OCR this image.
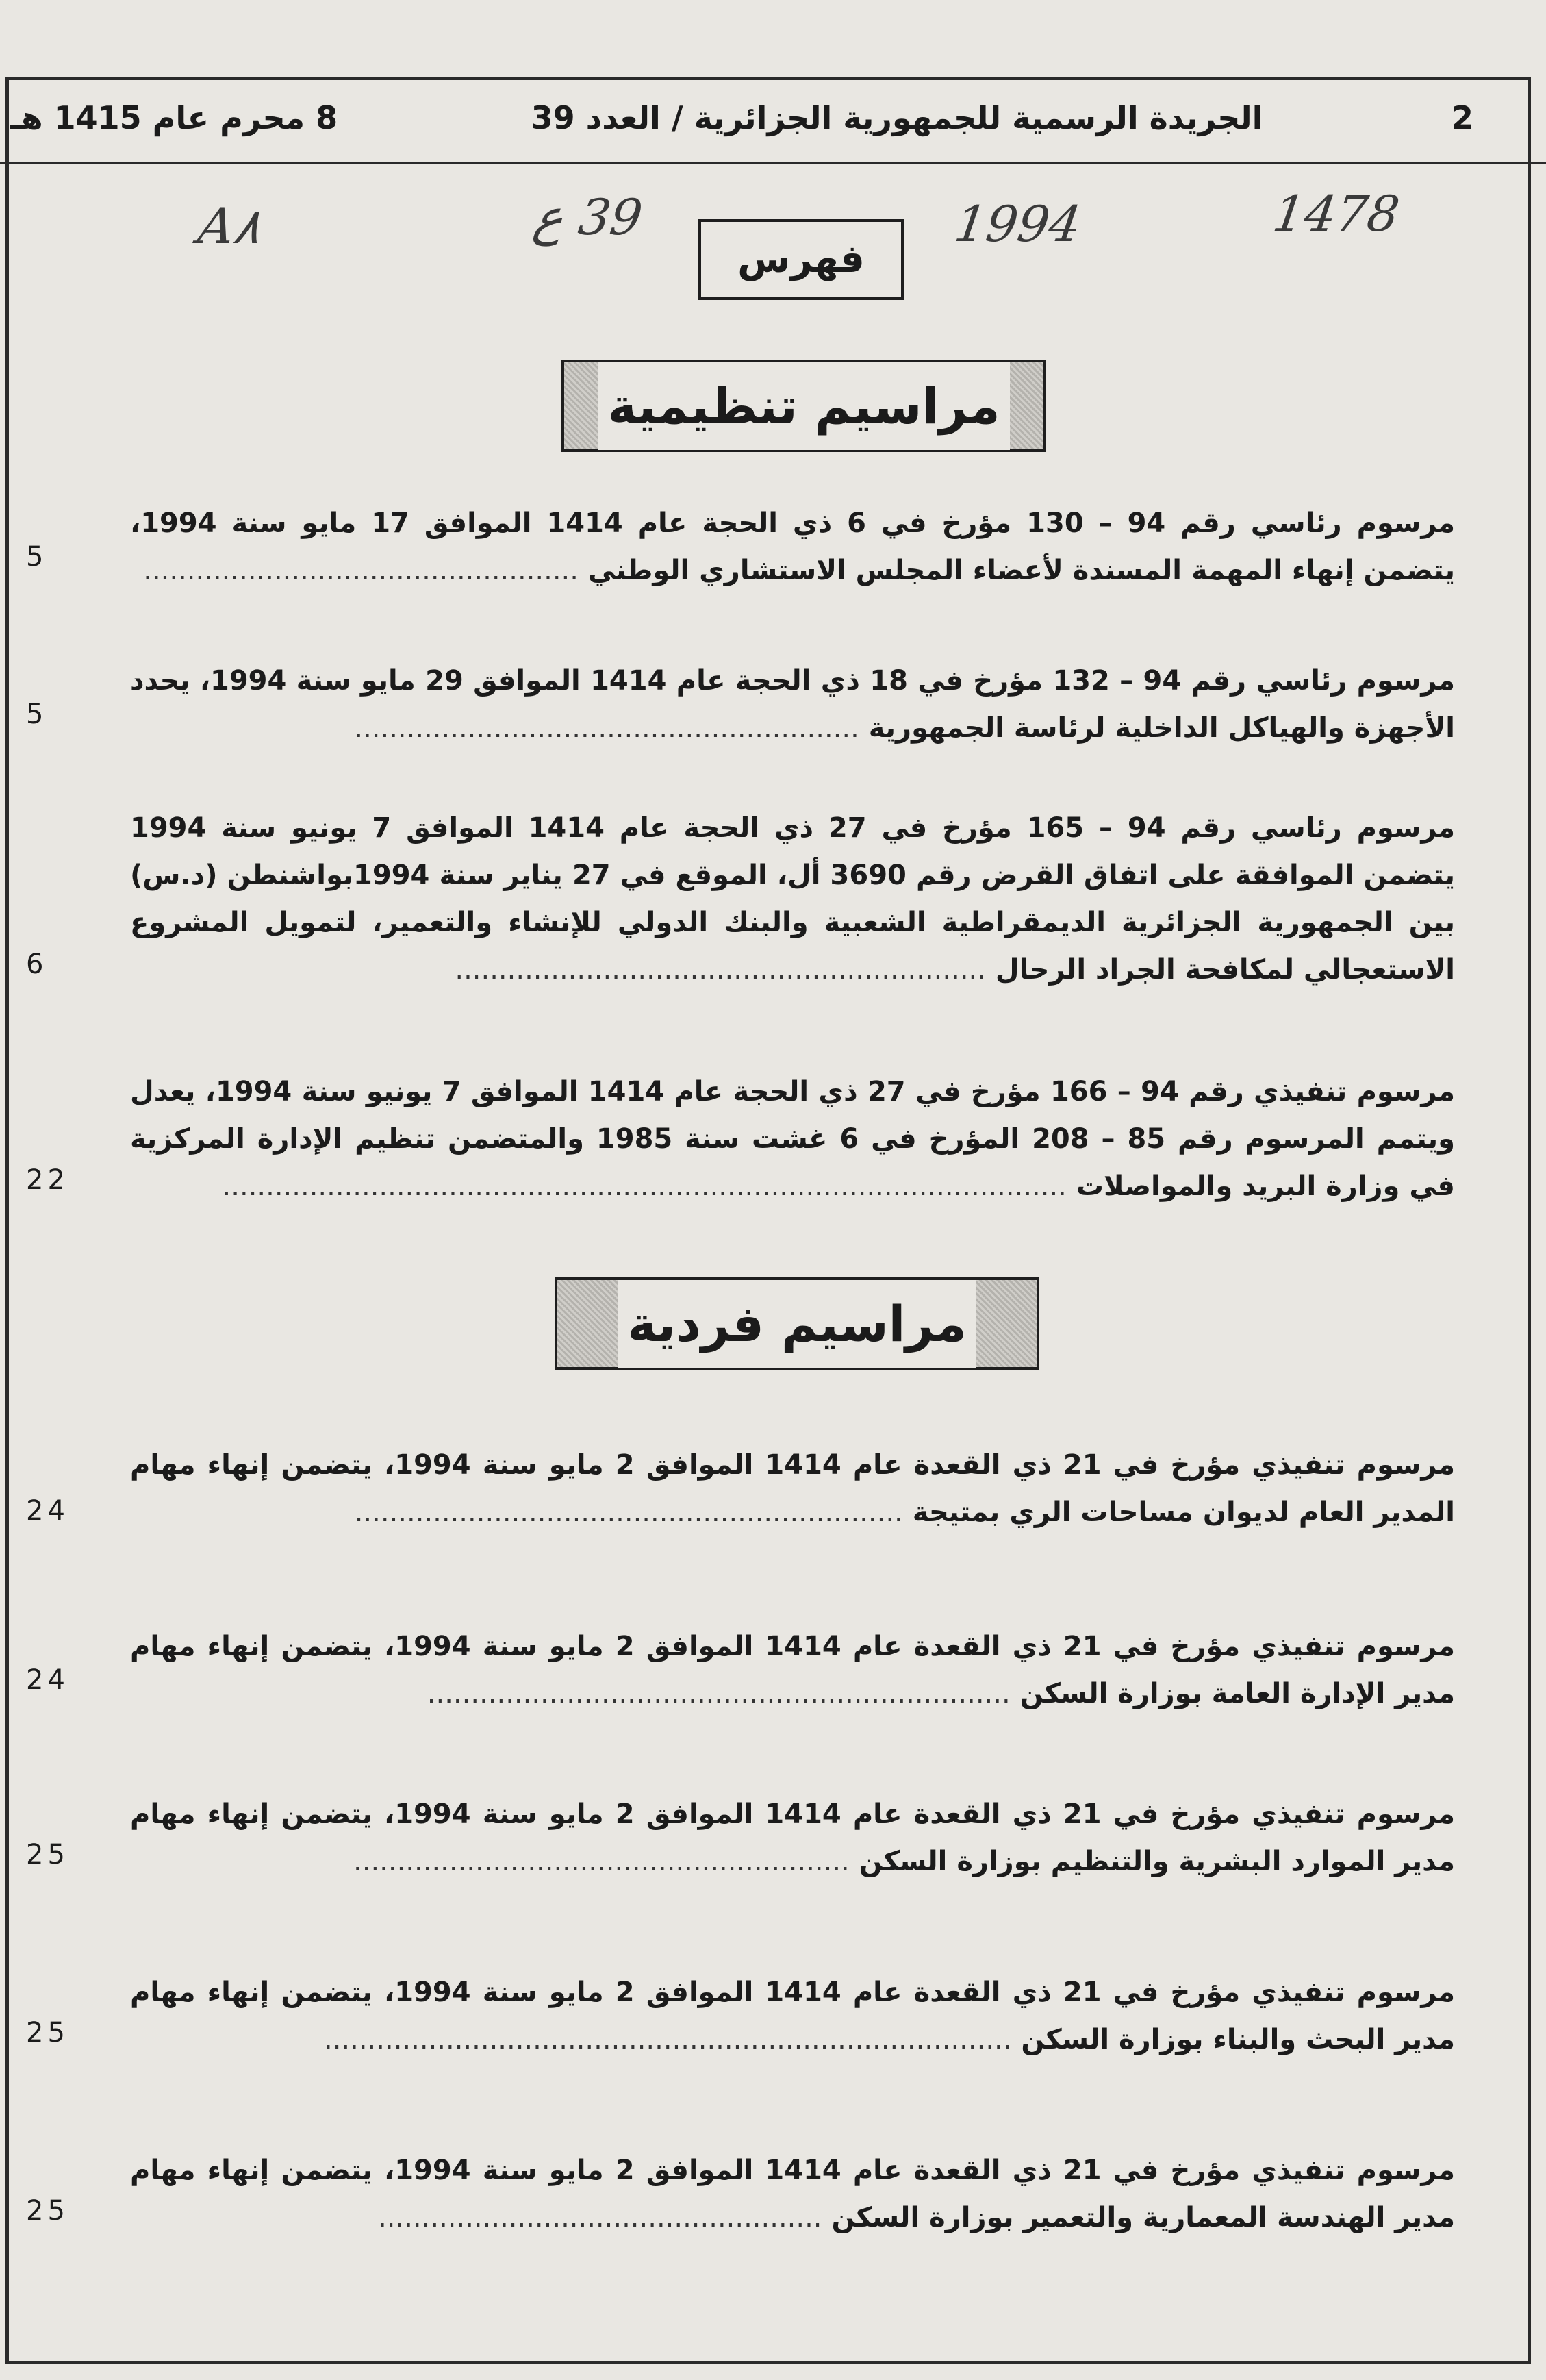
2
الجريدة الرسمية للجمهورية الجزائرية / العدد 39
8 محرم عام 1415 هـ
A٨	39 ع	1994	1478
فهرس
مراسيم تنظيمية
مرسوم رئاسي رقم 94 – 130 مؤرخ في 6 ذي الحجة عام 1414 الموافق 17 مايو سنة 1994، يتضمن إنهاء المهمة المسندة لأعضاء المجلس الاستشاري الوطني ..................................................
5
مرسوم رئاسي رقم 94 – 132 مؤرخ في 18 ذي الحجة عام 1414 الموافق 29 مايو سنة 1994، يحدد الأجهزة والهياكل الداخلية لرئاسة الجمهورية ..........................................................
5
مرسوم رئاسي رقم 94 – 165 مؤرخ في 27 ذي الحجة عام 1414 الموافق 7 يونيو سنة 1994 يتضمن الموافقة على اتفاق القرض رقم 3690 أل، الموقع في 27 يناير سنة 1994بواشنطن (د.س) بين الجمهورية الجزائرية الديمقراطية الشعبية والبنك الدولي للإنشاء والتعمير، لتمويل المشروع الاستعجالي لمكافحة الجراد الرحال .............................................................
6
مرسوم تنفيذي رقم 94 – 166 مؤرخ في 27 ذي الحجة عام 1414 الموافق 7 يونيو سنة 1994، يعدل ويتمم المرسوم رقم 85 – 208 المؤرخ في 6 غشت سنة 1985 والمتضمن تنظيم الإدارة المركزية في وزارة البريد والمواصلات .................................................................................................
22
مراسيم فردية
مرسوم تنفيذي مؤرخ في 21 ذي القعدة عام 1414 الموافق 2 مايو سنة 1994، يتضمن إنهاء مهام المدير العام لديوان مساحات الري بمتيجة ...............................................................
24
مرسوم تنفيذي مؤرخ في 21 ذي القعدة عام 1414 الموافق 2 مايو سنة 1994، يتضمن إنهاء مهام مدير الإدارة العامة بوزارة السكن ...................................................................
24
مرسوم تنفيذي مؤرخ في 21 ذي القعدة عام 1414 الموافق 2 مايو سنة 1994، يتضمن إنهاء مهام مدير الموارد البشرية والتنظيم بوزارة السكن .........................................................
25
مرسوم تنفيذي مؤرخ في 21 ذي القعدة عام 1414 الموافق 2 مايو سنة 1994، يتضمن إنهاء مهام مدير البحث والبناء بوزارة السكن ...............................................................................
25
مرسوم تنفيذي مؤرخ في 21 ذي القعدة عام 1414 الموافق 2 مايو سنة 1994، يتضمن إنهاء مهام مدير الهندسة المعمارية والتعمير بوزارة السكن ...................................................
25
